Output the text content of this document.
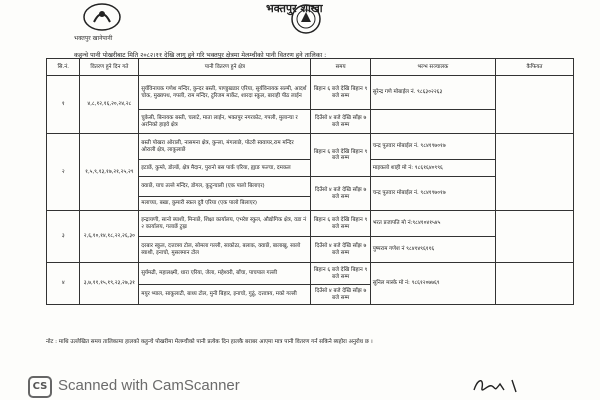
भक्तपुर खानेपानी
भक्तपुर शाखा
कहुन्चे पानी पोखरीबाट मिति २०८२।११ देखि लागु हुने गरि भक्तपुर क्षेत्रमा मेलम्चीको पानी वितरण हुने तालिका :
सि.नं.	वितरण हुने दिन गते	पानी वितरण हुने क्षेत्र	समय	भल्भ सञ्चालक	कैफियत
१	४,८,१२,१६,२०,२४,२८	सुर्यविनायक गणेश मन्दिर, कुन्दर बस्ती, पाण्डुखडार एरिया, सुर्यविनायक सल्मी, आदर्श चोक, मुख्यपथ, गपली, राम मन्दिर, टुरिजम मार्केट, शारदा स्कुल, बाराही पीठ लाईन	बिहान ६ बजे देखि बिहान ९ बजे सम्म	सुरेन्द्र गणे मोबाईल नं. ९८६३०२२६३	
		चुकेसी, बिनायक बस्ती, चलाटे, माता लाईन, भक्तपुर नगरकोट, गपली, मुलान्चा र अरनिको हाइवे क्षेत्र	दिउँसो ४ बजे देखि साँझ ७ बजे सम्म		
२	१,५,९,१३,१७,२१,२५,२९	बस्ती पोखरा ओराली, नासमना क्षेत्र, कुन्ला, मंगलाछे, पोटरी स्क्वायर,राम मन्दिर ओराली क्षेत्र, लाकुलाछें	बिहान ६ बजे देखि बिहान ९ बजे सम्म	चन्द्र पुतवार मोबाईल नं. ९८४१९७०१७	
		इटाछें, कुम्ले, डोल्छें, क्षेत्र मैदान, पुरानो बस पार्क एरिया, ह्याङ फल्चा, दमकल		माइकलो शाही मो नं: ९८६१६४०९९६	
		क्वाछें, याच तल्ले मन्दिर, डोगल, कुटुन्चाली (एक पालो बिलाएर)	दिउँसो ४ बजे देखि साँझ ७ बजे सम्म	चन्द्र पुतवार मोबाईल नं. ९८४१९७०१७	
		मलाच्या, बखा, कुमारी स्कल दुवै एरिया (एक पालो बिलाएर)			
३	२,६,१०,१४,१८,२२,२६,३०	इन्द्रायणी, सानो ब्याशी, मिनाछें, शिक्षा कार्यालय, एभरेष्ट स्कुल, औद्योगिक क्षेत्र, वडा नं २ कार्यालय, गलाछें टुख्र	बिहान ६ बजे देखि बिहान ९ बजे सम्म	भरत प्रजापति मो नं:९८४१०४१५४५	
		दरबार स्कुल, दत्तात्रय टोल, सोमला गल्ली, साकोठा, बलाक, क्वाछें, बालाखु, सालो ब्याशी, इनाचो, मुसलमान टोल	दिउँसो ४ बजे देखि साँझ ७ बजे सम्म	पुष्पराम गणेश नं ९८४१४९६११६	
४	३,७,११,१५,१९,२३,२७,३१	सुर्यमढी, महालक्ष्मी, धारा एरिया, जेला, महेश्वरी, बाँचा, पाचपाल गल्ली	बिहान ६ बजे देखि बिहान ९ बजे सम्म	सुनिल मास्के मो नं: ९८६१२०७७६९	
		मयुर भ्याल, साकुलाटी, बाध्य टोल, मुनी बिहार, इनाचो, गुठुं, दत्तात्रय, मको गल्ली	दिउँसो ४ बजे देखि साँझ ७ बजे सम्म		
नोट : माथि उल्लेखित समय तालिकामा हालको कहुन्चे पोखरीमा मेलम्चीको पानी प्रत्येक दिन हालकै बराबर आएमा मात्र पानी वितरण गर्न सकिने ब्यहोरा अनुरोध छ ।
CS Scanned with CamScanner
